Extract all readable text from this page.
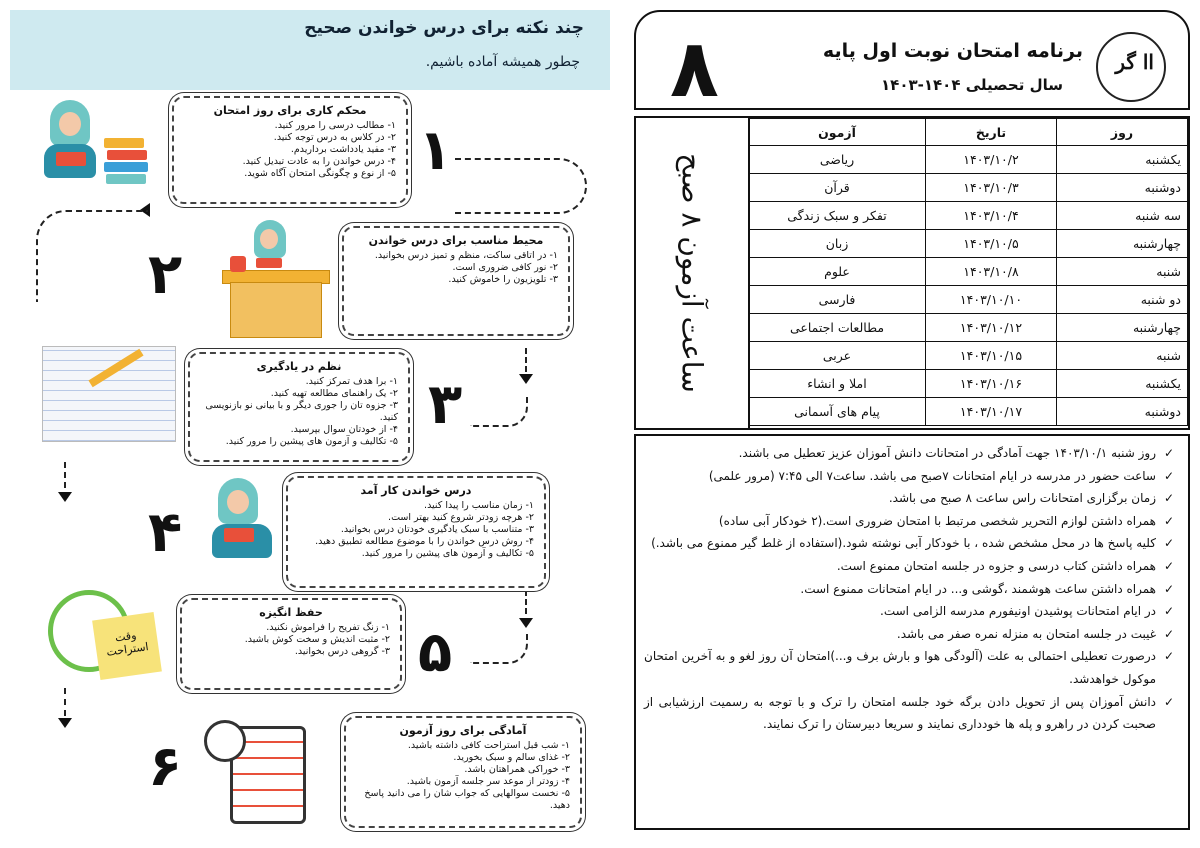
چند نکته برای درس خواندن صحیح
چطور همیشه آماده باشیم.
محکم کاری برای روز امتحان
۱- مطالب درسی را مرور کنید.
۲- در کلاس به درس توجه کنید.
۳- مفید یادداشت برداریدم.
۴- درس خواندن را به عادت تبدیل کنید.
۵- از نوع و چگونگی امتحان آگاه شوید. ۱
محیط مناسب برای درس خواندن
۱- در اتاقی ساکت، منظم و تمیز درس بخوانید.
۲- نور کافی ضروری است.
۳- تلویزیون را خاموش کنید.
۲
نظم در یادگیری
۱- برا هدف تمرکز کنید.
۲- یک راهنمای مطالعه تهیه کنید.
۳- جزوه تان را جوری دیگر و با بیانی نو بازنویسی کنید.
۴- از خودتان سوال بپرسید.
۵- تکالیف و آزمون های پیشین را مرور کنید.
۳
درس خواندن کار آمد
۱- زمان مناسب را پیدا کنید.
۲- هرچه زودتر شروع کنید بهتر است.
۳- متناسب با سبک یادگیری خودتان درس بخوانید.
۴- روش درس خواندن را با موضوع مطالعه تطبیق دهید.
۵- تکالیف و آزمون های پیشین را مرور کنید.
۴
حفظ انگیزه
۱- زنگ تفریح را فراموش نکنید.
۲- مثبت اندیش و سخت کوش باشید.
۳- گروهی درس بخوانید. ۵
وقت استراحت
آمادگی برای روز آزمون
۱- شب قبل استراحت کافی داشته باشید.
۲- غذای سالم و سبک بخورید.
۳- خوراکی همراهتان باشد.
۴- زودتر از موعد سر جلسه آزمون باشید.
۵- نخست سوالهایی که جواب شان را می دانید پاسخ دهید.
۶
اا گر
برنامه امتحان نوبت اول پایه
سال تحصیلی ۱۴۰۴-۱۴۰۳
۸
ساعت آزمون ۸ صبح
روز	تاریخ	آزمون
یکشنبه	۱۴۰۳/۱۰/۲	ریاضی
دوشنبه	۱۴۰۳/۱۰/۳	قرآن
سه شنبه	۱۴۰۳/۱۰/۴	تفکر و سبک زندگی
چهارشنبه	۱۴۰۳/۱۰/۵	زبان
شنبه	۱۴۰۳/۱۰/۸	علوم
دو شنبه	۱۴۰۳/۱۰/۱۰	فارسی
چهارشنبه	۱۴۰۳/۱۰/۱۲	مطالعات اجتماعی
شنبه	۱۴۰۳/۱۰/۱۵	عربی
یکشنبه	۱۴۰۳/۱۰/۱۶	املا و انشاء
دوشنبه	۱۴۰۳/۱۰/۱۷	پیام های آسمانی
✓
روز شنبه ۱۴۰۳/۱۰/۱ جهت آمادگی در امتحانات دانش آموزان عزیز تعطیل می باشند.
✓
ساعت حضور در مدرسه در ایام امتحانات ۷صبح می باشد. ساعت۷ الی ۷:۴۵ (مرور علمی)
✓
زمان برگزاری امتحانات راس ساعت ۸ صبح می باشد.
✓
همراه داشتن لوازم التحریر شخصی مرتبط با امتحان ضروری است.(۲ خودکار آبی ساده)
✓
کلیه پاسخ ها در محل مشخص شده ، با خودکار آبی نوشته شود.(استفاده از غلط گیر ممنوع می باشد.)
✓
همراه داشتن کتاب درسی و جزوه در جلسه امتحان ممنوع است.
✓
همراه داشتن ساعت هوشمند ،گوشی و... در ایام امتحانات ممنوع است.
✓
در ایام امتحانات پوشیدن اونیفورم مدرسه الزامی است.
✓
غیبت در جلسه امتحان به منزله نمره صفر می باشد.
✓
درصورت تعطیلی احتمالی به علت (آلودگی هوا و بارش برف و...)امتحان آن روز لغو و به آخرین امتحان موکول خواهدشد.
✓
دانش آموزان پس از تحویل دادن برگه خود جلسه امتحان را ترک و با توجه به رسمیت ارزشیابی از صحبت کردن در راهرو و پله ها خودداری نمایند و سریعا دبیرستان را ترک نمایند.
